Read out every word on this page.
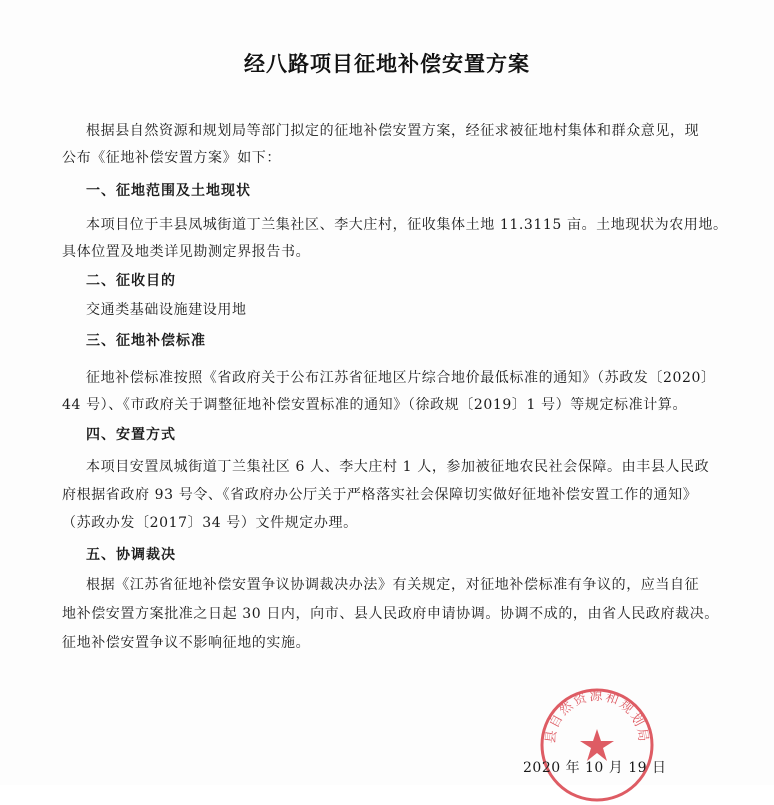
经八路项目征地补偿安置方案
根据县自然资源和规划局等部门拟定的征地补偿安置方案，经征求被征地村集体和群众意见，现
公布《征地补偿安置方案》如下：
一、征地范围及土地现状
本项目位于丰县凤城街道丁兰集社区、李大庄村，征收集体土地 11.3115 亩。土地现状为农用地。
具体位置及地类详见勘测定界报告书。
二、征收目的
交通类基础设施建设用地
三、征地补偿标准
征地补偿标准按照《省政府关于公布江苏省征地区片综合地价最低标准的通知》（苏政发〔2020〕
44 号）、《市政府关于调整征地补偿安置标准的通知》（徐政规〔2019〕1 号）等规定标准计算。
四、安置方式
本项目安置凤城街道丁兰集社区 6 人、李大庄村 1 人，参加被征地农民社会保障。由丰县人民政
府根据省政府 93 号令、《省政府办公厅关于严格落实社会保障切实做好征地补偿安置工作的通知》
（苏政办发〔2017〕34 号）文件规定办理。
五、协调裁决
根据《江苏省征地补偿安置争议协调裁决办法》有关规定，对征地补偿标准有争议的，应当自征
地补偿安置方案批准之日起 30 日内，向市、县人民政府申请协调。协调不成的，由省人民政府裁决。
征地补偿安置争议不影响征地的实施。
县自然资源和规划局
2020 年 10 月 19 日
